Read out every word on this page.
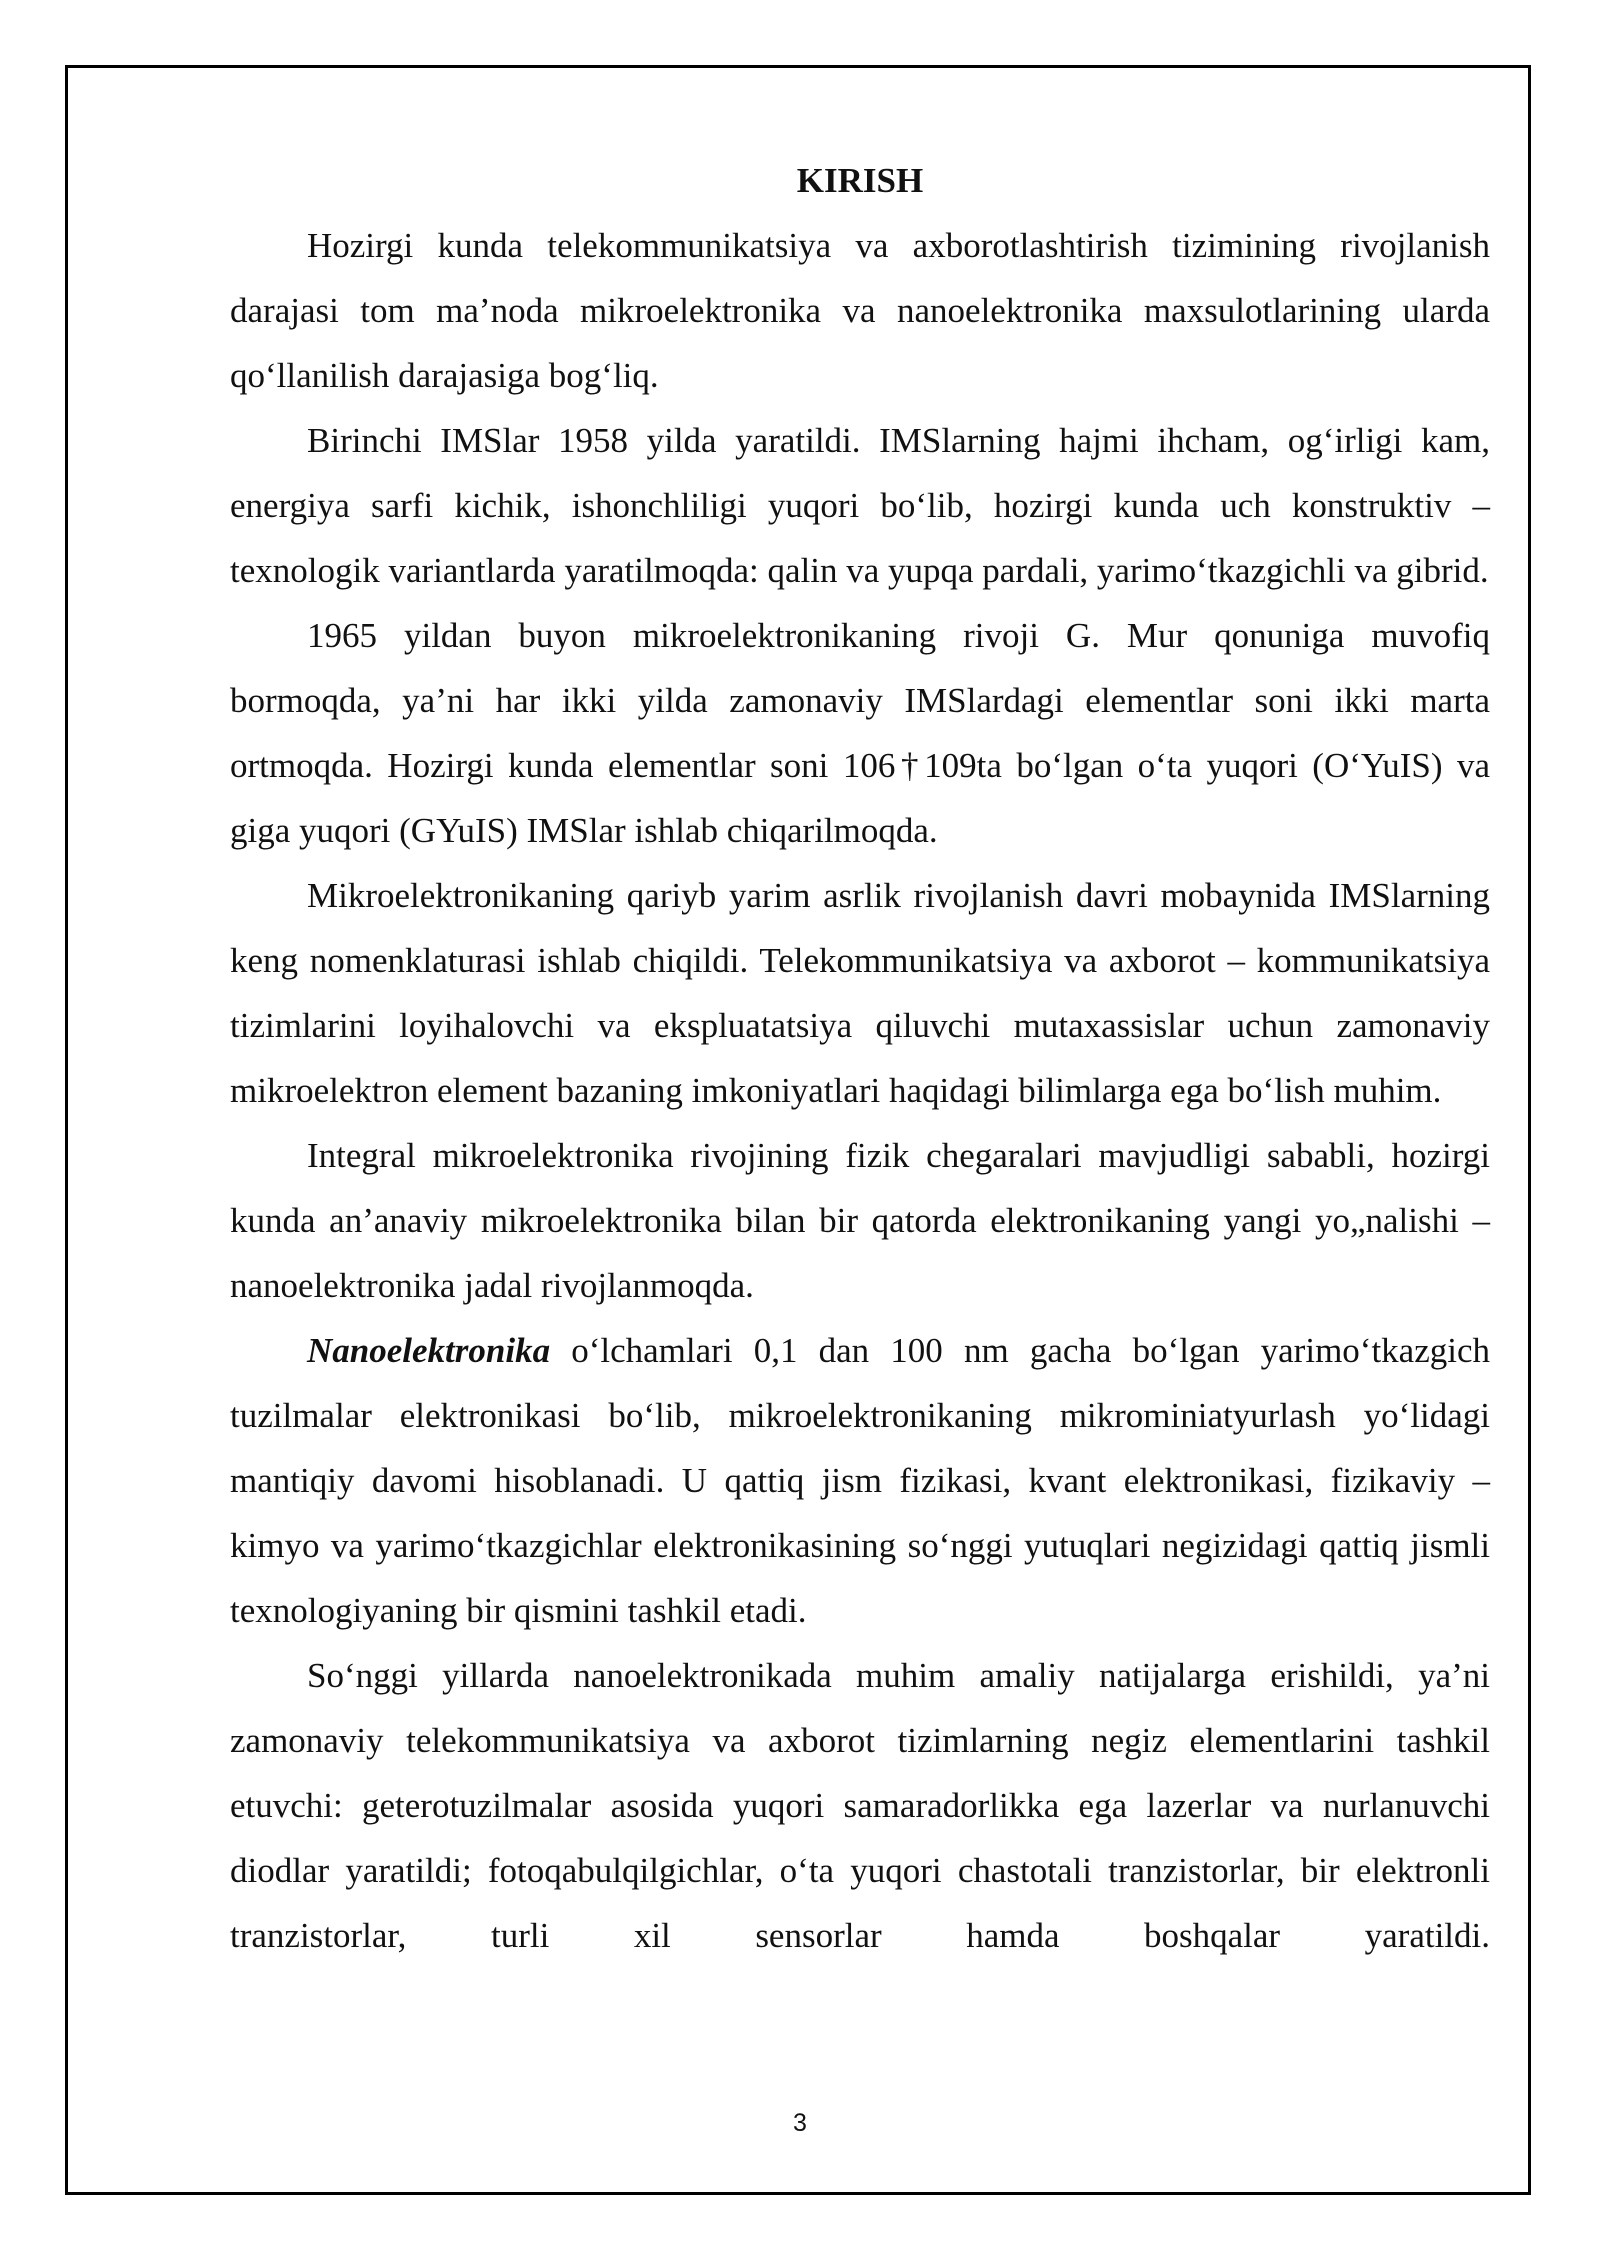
KIRISH

Hozirgi kunda telekommunikatsiya va axborotlashtirish tizimining rivojlanish darajasi tom ma’noda mikroelektronika va nanoelektronika maxsulotlarining ularda qo‘llanilish darajasiga bog‘liq.

Birinchi IMSlar 1958 yilda yaratildi. IMSlarning hajmi ihcham, og‘irligi kam, energiya sarfi kichik, ishonchliligi yuqori bo‘lib, hozirgi kunda uch konstruktiv – texnologik variantlarda yaratilmoqda: qalin va yupqa pardali, yarimo‘tkazgichli va gibrid.

1965 yildan buyon mikroelektronikaning rivoji G. Mur qonuniga muvofiq bormoqda, ya’ni har ikki yilda zamonaviy IMSlardagi elementlar soni ikki marta ortmoqda. Hozirgi kunda elementlar soni 106†109ta bo‘lgan o‘ta yuqori (O‘YuIS) va giga yuqori (GYuIS) IMSlar ishlab chiqarilmoqda.

Mikroelektronikaning qariyb yarim asrlik rivojlanish davri mobaynida IMSlarning keng nomenklaturasi ishlab chiqildi. Telekommunikatsiya va axborot – kommunikatsiya tizimlarini loyihalovchi va ekspluatatsiya qiluvchi mutaxassislar uchun zamonaviy mikroelektron element bazaning imkoniyatlari haqidagi bilimlarga ega bo‘lish muhim.

Integral mikroelektronika rivojining fizik chegaralari mavjudligi sababli, hozirgi kunda an’anaviy mikroelektronika bilan bir qatorda elektronikaning yangi yo„nalishi – nanoelektronika jadal rivojlanmoqda.

Nanoelektronika o‘lchamlari 0,1 dan 100 nm gacha bo‘lgan yarimo‘tkazgich tuzilmalar elektronikasi bo‘lib, mikroelektronikaning mikrominiatyurlash yo‘lidagi mantiqiy davomi hisoblanadi. U qattiq jism fizikasi, kvant elektronikasi, fizikaviy – kimyo va yarimo‘tkazgichlar elektronikasining so‘nggi yutuqlari negizidagi qattiq jismli texnologiyaning bir qismini tashkil etadi.

So‘nggi yillarda nanoelektronikada muhim amaliy natijalarga erishildi, ya’ni zamonaviy telekommunikatsiya va axborot tizimlarning negiz elementlarini tashkil etuvchi: geterotuzilmalar asosida yuqori samaradorlikka ega lazerlar va nurlanuvchi diodlar yaratildi; fotoqabulqilgichlar, o‘ta yuqori chastotali tranzistorlar, bir elektronli tranzistorlar, turli xil sensorlar hamda boshqalar yaratildi.

3
